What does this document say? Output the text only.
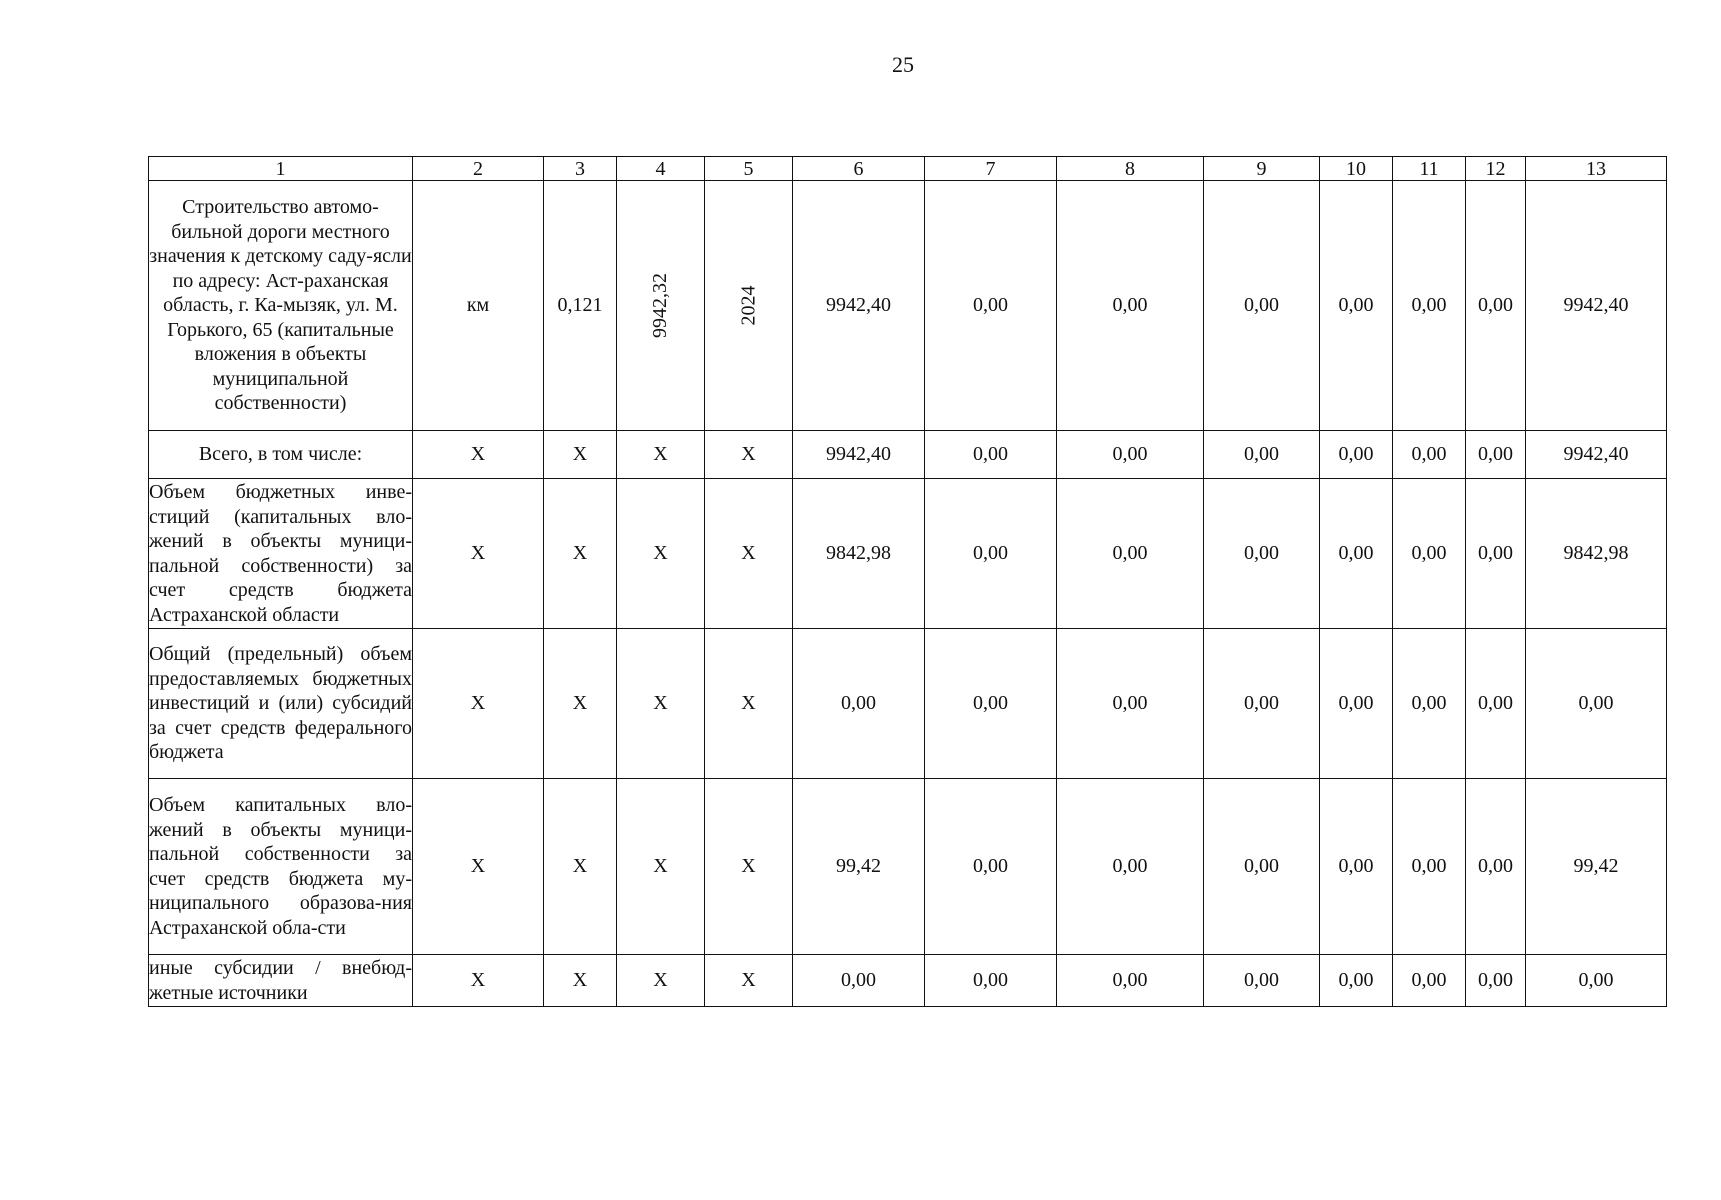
25
1	2	3	4	5	6	7	8	9	10	11	12	13
Строительство автомо-бильной дороги местного значения к детскому саду-ясли по адресу: Аст-раханская область, г. Ка-мызяк, ул. М. Горького, 65 (капитальные вложения в объекты муниципальной собственности)	км	0,121	9942,32	2024	9942,40	0,00	0,00	0,00	0,00	0,00	0,00	9942,40
Всего, в том числе:	Х	Х	Х	Х	9942,40	0,00	0,00	0,00	0,00	0,00	0,00	9942,40
Объем бюджетных инве-стиций (капитальных вло-жений в объекты муници-пальной собственности) за счет средств бюджета Астраханской области	Х	Х	Х	Х	9842,98	0,00	0,00	0,00	0,00	0,00	0,00	9842,98
Общий (предельный) объем предоставляемых бюджетных инвестиций и (или) субсидий за счет средств федерального бюджета	Х	Х	Х	Х	0,00	0,00	0,00	0,00	0,00	0,00	0,00	0,00
Объем капитальных вло-жений в объекты муници-пальной собственности за счет средств бюджета му-ниципального образова-ния Астраханской обла-сти	Х	Х	Х	Х	99,42	0,00	0,00	0,00	0,00	0,00	0,00	99,42
иные субсидии / внебюд-жетные источники	Х	Х	Х	Х	0,00	0,00	0,00	0,00	0,00	0,00	0,00	0,00
